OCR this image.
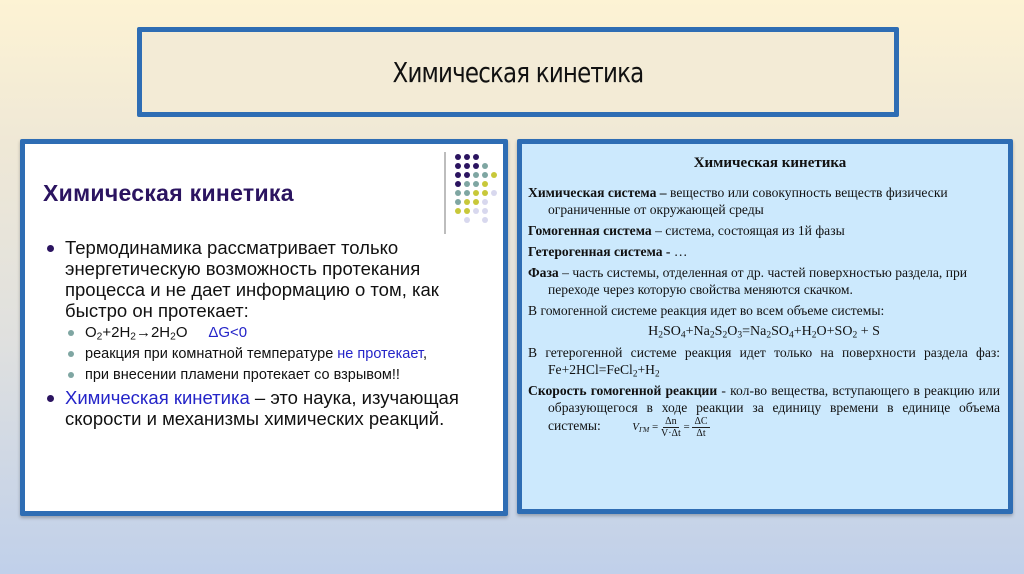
Химическая кинетика
Химическая кинетика
Термодинамика рассматривает только энергетическую возможность протекания процесса и не дает информацию о том, как быстро он протекает:
$O_2+2H_2\to 2H_2O$ ΔG<0
реакция при комнатной температуре не протекает,
при внесении пламени протекает со взрывом!!
Химическая кинетика – это наука, изучающая скорости и механизмы химических реакций.
Химическая кинетика

Химическая система – вещество или совокупность веществ физически ограниченные от окружающей среды

Гомогенная система – система, состоящая из 1й фазы

Гетерогенная система - …

Фаза – часть системы, отделенная от др. частей поверхностью раздела, при переходе через которую свойства меняются скачком.

В гомогенной системе реакция идет во всем объеме системы:

$H_2SO_4+Na_2S_2O_3=Na_2SO_4+H_2O+SO_2 + S$

В гетерогенной системе реакция идет только на поверхности раздела фаз: $Fe+2HCl=FeCl_2+H_2$

Скорость гомогенной реакции - кол-во вещества, вступающего в реакцию или образующегося в ходе реакции за единицу времени в единице объема системы:	$V_{ГМ} = \frac{\Delta n}{V\cdot\Delta t} = \frac{\Delta C}{\Delta t}$
